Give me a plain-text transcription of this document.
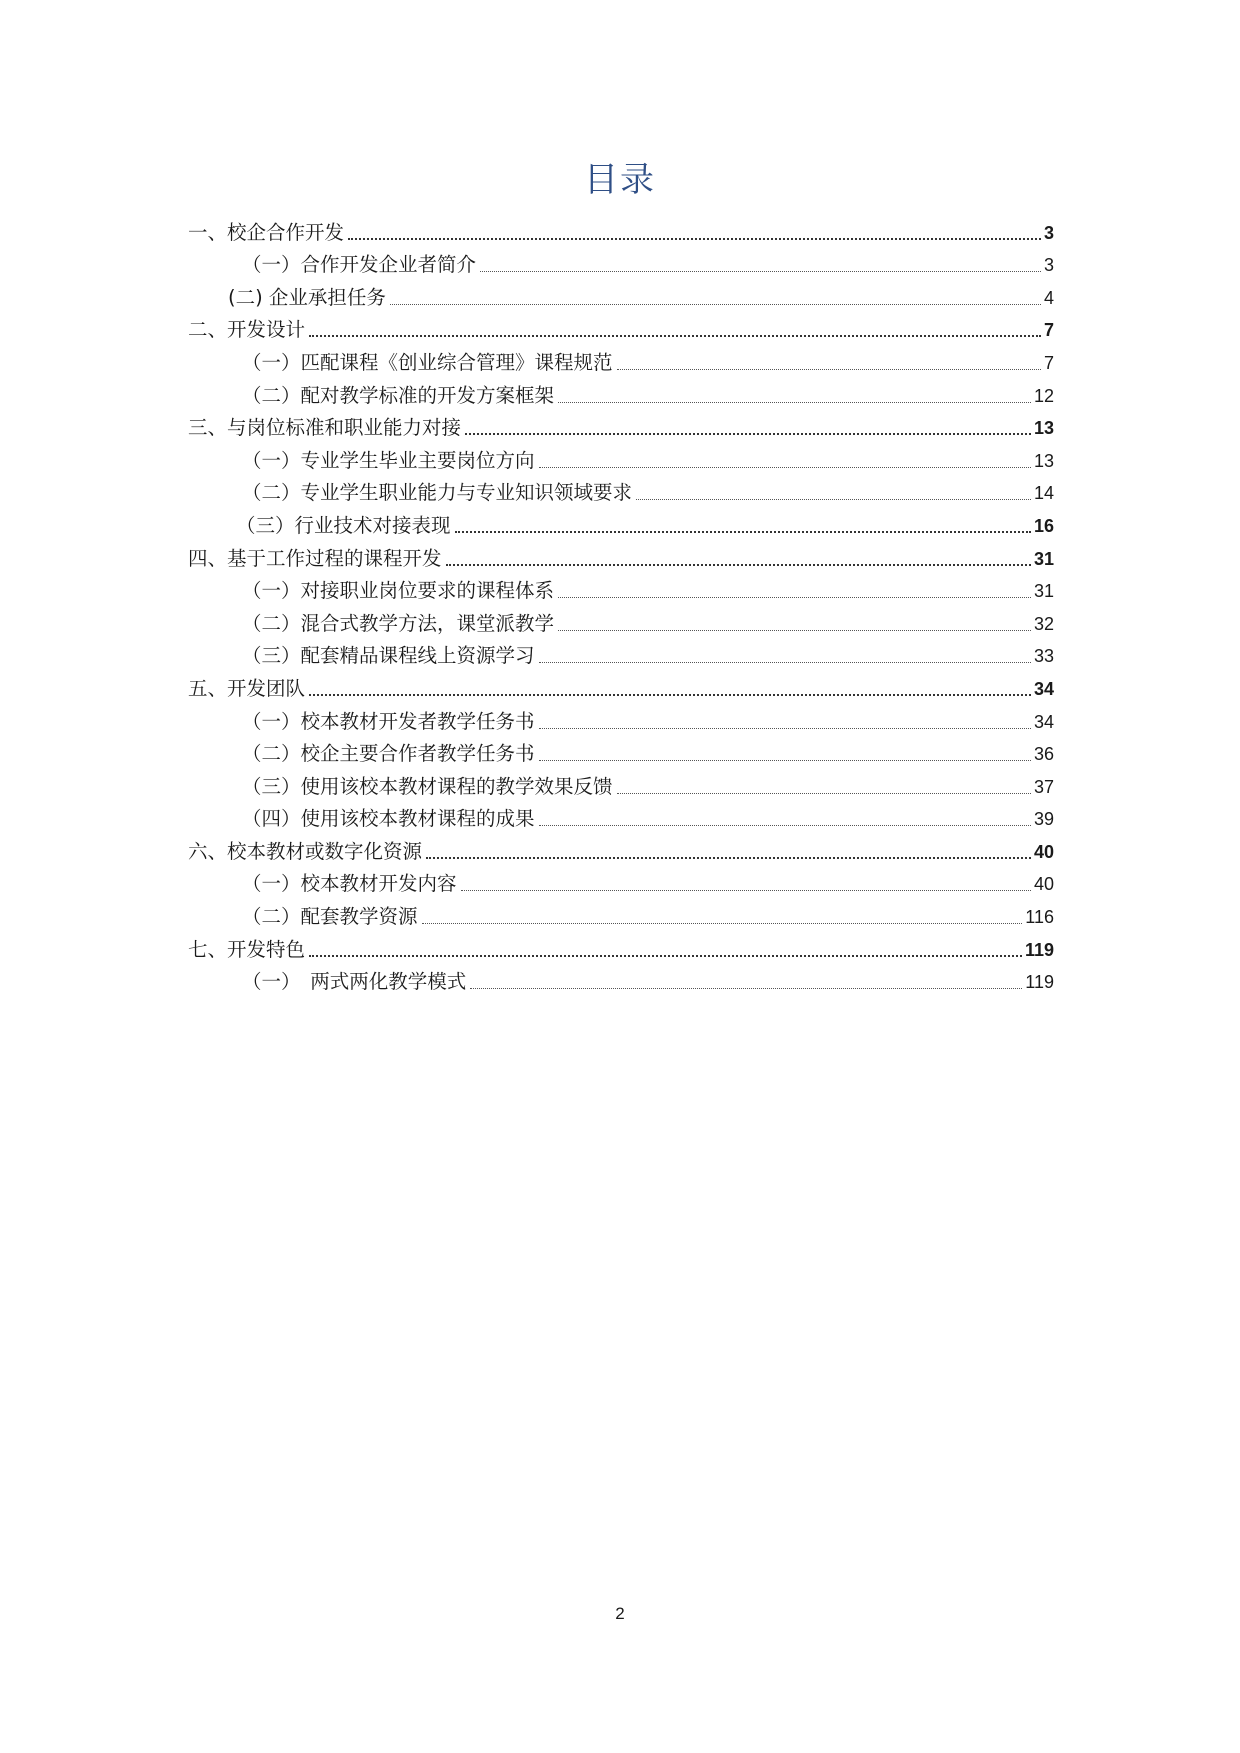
目录
一、校企合作开发	3
（一）合作开发企业者简介	3
(二) 企业承担任务	4
二、开发设计	7
（一）匹配课程《创业综合管理》课程规范	7
（二）配对教学标准的开发方案框架	12
三、与岗位标准和职业能力对接	13
（一）专业学生毕业主要岗位方向	13
（二）专业学生职业能力与专业知识领域要求	14
（三）行业技术对接表现	16
四、基于工作过程的课程开发	31
（一）对接职业岗位要求的课程体系	31
（二）混合式教学方法，课堂派教学	32
（三）配套精品课程线上资源学习	33
五、开发团队	34
（一）校本教材开发者教学任务书	34
（二）校企主要合作者教学任务书	36
（三）使用该校本教材课程的教学效果反馈	37
（四）使用该校本教材课程的成果	39
六、校本教材或数字化资源	40
（一）校本教材开发内容	40
（二）配套教学资源	116
七、开发特色	119
（一）　两式两化教学模式	119
2
